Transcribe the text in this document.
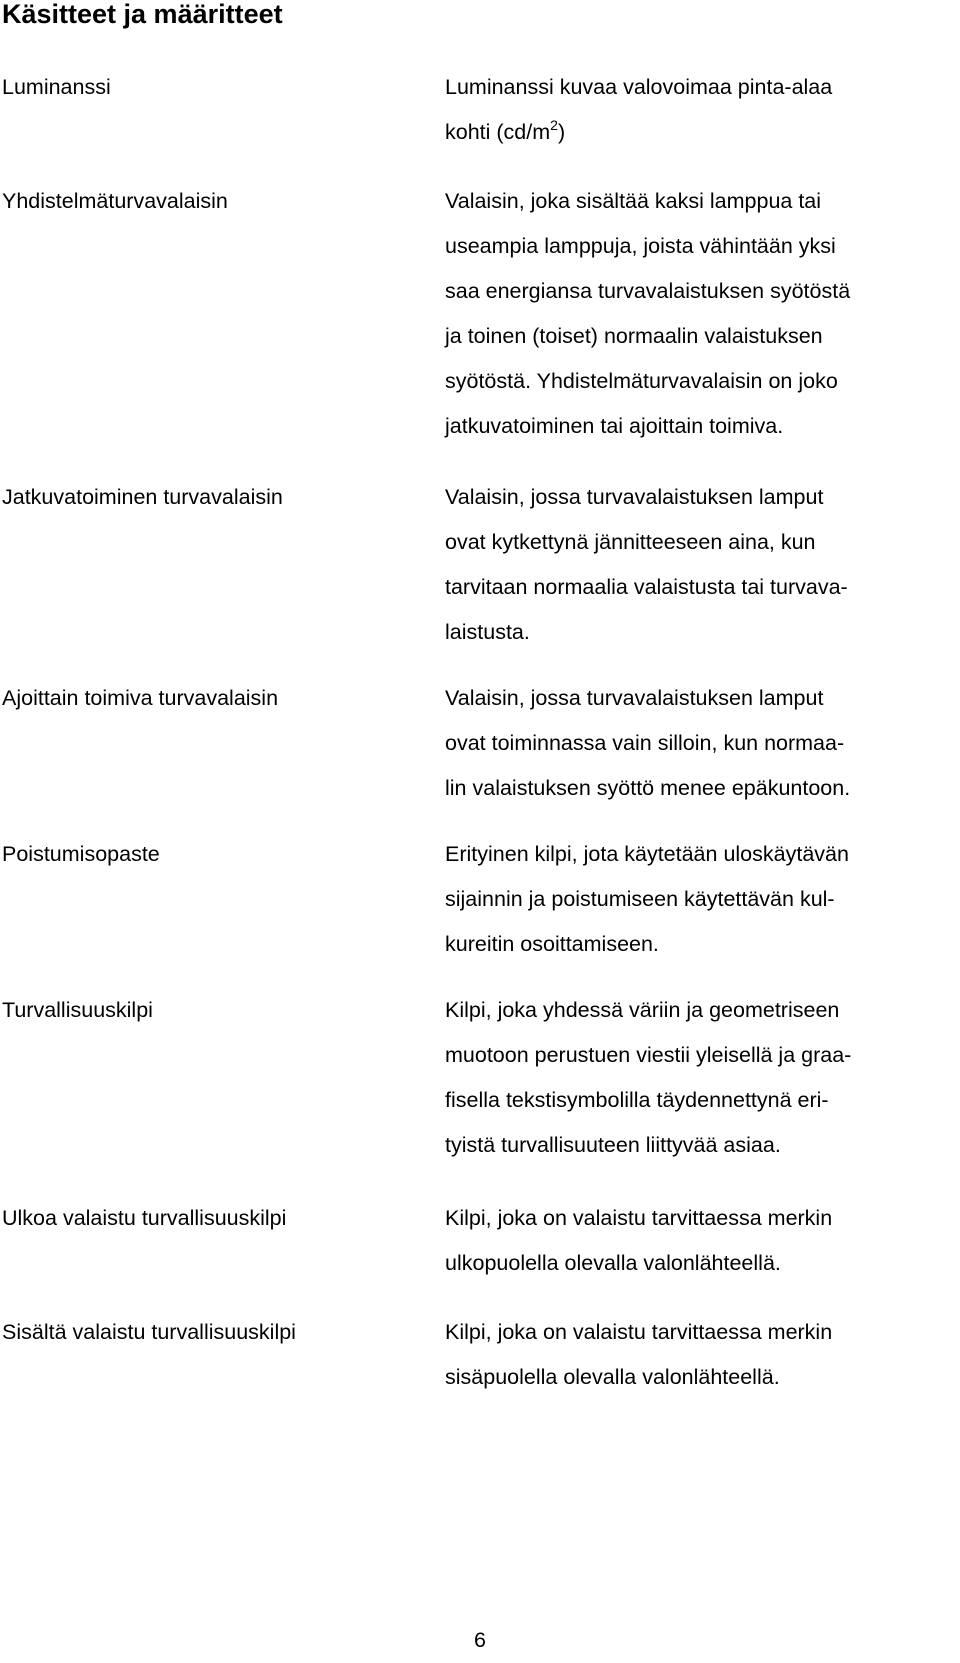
Käsitteet ja määritteet
Luminanssi	Luminanssi kuvaa valovoimaa pinta-alaa
kohti $(cd/m^2)$
Yhdistelmäturvavalaisin	Valaisin, joka sisältää kaksi lamppua tai
useampia lamppuja, joista vähintään yksi
saa energiansa turvavalaistuksen syötöstä
ja toinen (toiset) normaalin valaistuksen
syötöstä. Yhdistelmäturvavalaisin on joko
jatkuvatoiminen tai ajoittain toimiva.
Jatkuvatoiminen turvavalaisin	Valaisin, jossa turvavalaistuksen lamput
ovat kytkettynä jännitteeseen aina, kun
tarvitaan normaalia valaistusta tai turvava-
laistusta.
Ajoittain toimiva turvavalaisin	Valaisin, jossa turvavalaistuksen lamput
ovat toiminnassa vain silloin, kun normaa-
lin valaistuksen syöttö menee epäkuntoon.
Poistumisopaste	Erityinen kilpi, jota käytetään uloskäytävän
sijainnin ja poistumiseen käytettävän kul-
kureitin osoittamiseen.
Turvallisuuskilpi	Kilpi, joka yhdessä väriin ja geometriseen
muotoon perustuen viestii yleisellä ja graa-
fisella tekstisymbolilla täydennettynä eri-
tyistä turvallisuuteen liittyvää asiaa.
Ulkoa valaistu turvallisuuskilpi	Kilpi, joka on valaistu tarvittaessa merkin
ulkopuolella olevalla valonlähteellä.
Sisältä valaistu turvallisuuskilpi	Kilpi, joka on valaistu tarvittaessa merkin
sisäpuolella olevalla valonlähteellä.
6
